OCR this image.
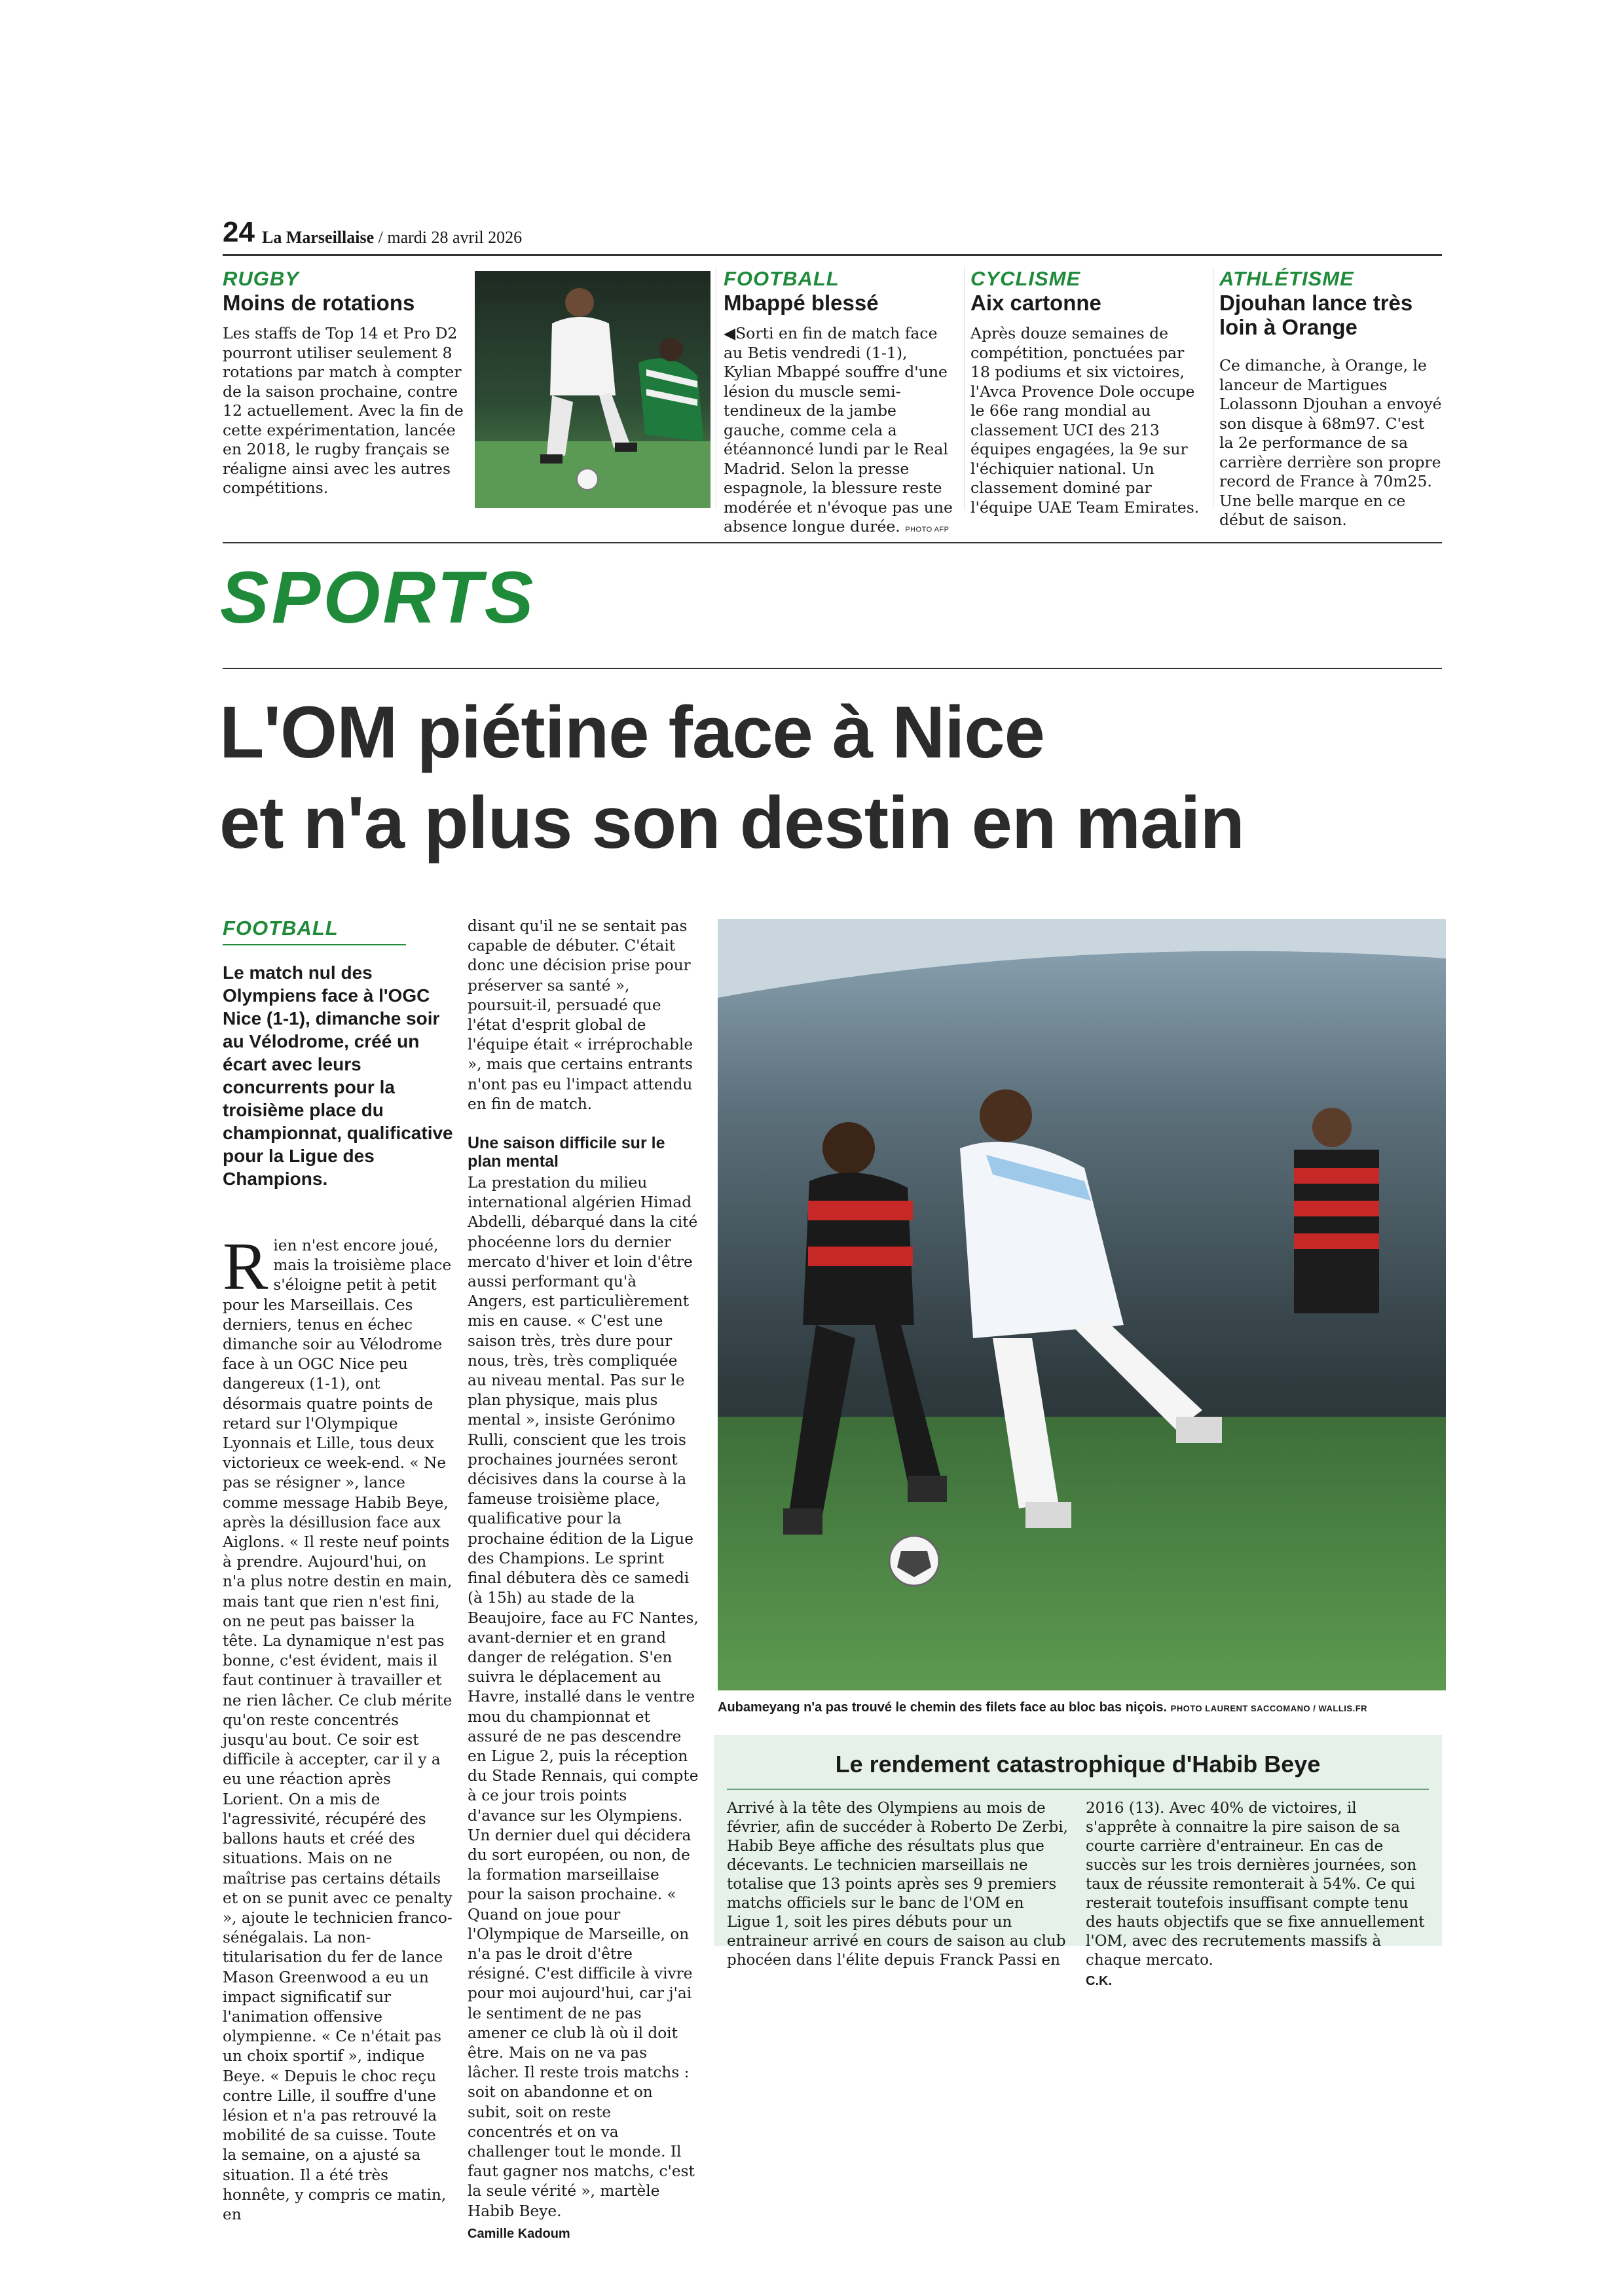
24 La Marseillaise / mardi 28 avril 2026
RUGBY
Moins de rotations

Les staffs de Top 14 et Pro D2 pourront utiliser seulement 8 rotations par match à compter de la saison prochaine, contre 12 actuellement. Avec la fin de cette expérimentation, lancée en 2018, le rugby français se réaligne ainsi avec les autres compétitions.

FOOTBALL
Mbappé blessé

◀Sorti en fin de match face au Betis vendredi (1-1), Kylian Mbappé souffre d'une lésion du muscle semi-tendineux de la jambe gauche, comme cela a étéannoncé lundi par le Real Madrid. Selon la presse espagnole, la blessure reste modérée et n'évoque pas une absence longue durée. PHOTO AFP

CYCLISME
Aix cartonne

Après douze semaines de compétition, ponctuées par 18 podiums et six victoires, l'Avca Provence Dole occupe le 66e rang mondial au classement UCI des 213 équipes engagées, la 9e sur l'échiquier national. Un classement dominé par l'équipe UAE Team Emirates.

ATHLÉTISME
Djouhan lance très loin à Orange

Ce dimanche, à Orange, le lanceur de Martigues Lolassonn Djouhan a envoyé son disque à 68m97. C'est la 2e performance de sa carrière derrière son propre record de France à 70m25. Une belle marque en ce début de saison.

SPORTS
L'OM piétine face à Nice
et n'a plus son destin en main
FOOTBALL
Le match nul des Olympiens face à l'OGC Nice (1-1), dimanche soir au Vélodrome, créé un écart avec leurs concurrents pour la troisième place du championnat, qualificative pour la Ligue des Champions.

R ien n'est encore joué, mais la troisième place s'éloigne petit à petit pour les Marseillais. Ces derniers, tenus en échec dimanche soir au Vélodrome face à un OGC Nice peu dangereux (1-1), ont désormais quatre points de retard sur l'Olympique Lyonnais et Lille, tous deux victorieux ce week-end. « Ne pas se résigner », lance comme message Habib Beye, après la désillusion face aux Aiglons. « Il reste neuf points à prendre. Aujourd'hui, on n'a plus notre destin en main, mais tant que rien n'est fini, on ne peut pas baisser la tête. La dynamique n'est pas bonne, c'est évident, mais il faut continuer à travailler et ne rien lâcher. Ce club mérite qu'on reste concentrés jusqu'au bout. Ce soir est difficile à accepter, car il y a eu une réaction après Lorient. On a mis de l'agressivité, récupéré des ballons hauts et créé des situations. Mais on ne maîtrise pas certains détails et on se punit avec ce penalty », ajoute le technicien franco-sénégalais. La non-titularisation du fer de lance Mason Greenwood a eu un impact significatif sur l'animation offensive olympienne. « Ce n'était pas un choix sportif », indique Beye. « Depuis le choc reçu contre Lille, il souffre d'une lésion et n'a pas retrouvé la mobilité de sa cuisse. Toute la semaine, on a ajusté sa situation. Il a été très honnête, y compris ce matin, en

disant qu'il ne se sentait pas capable de débuter. C'était donc une décision prise pour préserver sa santé », poursuit-il, persuadé que l'état d'esprit global de l'équipe était « irréprochable », mais que certains entrants n'ont pas eu l'impact attendu en fin de match.

Une saison difficile sur le plan mental

La prestation du milieu international algérien Himad Abdelli, débarqué dans la cité phocéenne lors du dernier mercato d'hiver et loin d'être aussi performant qu'à Angers, est particulièrement mis en cause. « C'est une saison très, très dure pour nous, très, très compliquée au niveau mental. Pas sur le plan physique, mais plus mental », insiste Gerónimo Rulli, conscient que les trois prochaines journées seront décisives dans la course à la fameuse troisième place, qualificative pour la prochaine édition de la Ligue des Champions. Le sprint final débutera dès ce samedi (à 15h) au stade de la Beaujoire, face au FC Nantes, avant-dernier et en grand danger de relégation. S'en suivra le déplacement au Havre, installé dans le ventre mou du championnat et assuré de ne pas descendre en Ligue 2, puis la réception du Stade Rennais, qui compte à ce jour trois points d'avance sur les Olympiens. Un dernier duel qui décidera du sort européen, ou non, de la formation marseillaise pour la saison prochaine. « Quand on joue pour l'Olympique de Marseille, on n'a pas le droit d'être résigné. C'est difficile à vivre pour moi aujourd'hui, car j'ai le sentiment de ne pas amener ce club là où il doit être. Mais on ne va pas lâcher. Il reste trois matchs : soit on abandonne et on subit, soit on reste concentrés et on va challenger tout le monde. Il faut gagner nos matchs, c'est la seule vérité », martèle Habib Beye.

Camille Kadoum
Aubameyang n'a pas trouvé le chemin des filets face au bloc bas niçois. PHOTO LAURENT SACCOMANO / WALLIS.FR
Le rendement catastrophique d'Habib Beye

Arrivé à la tête des Olympiens au mois de février, afin de succéder à Roberto De Zerbi, Habib Beye affiche des résultats plus que décevants. Le technicien marseillais ne totalise que 13 points après ses 9 premiers matchs officiels sur le banc de l'OM en Ligue 1, soit les pires débuts pour un entraineur arrivé en cours de saison au club phocéen dans l'élite depuis Franck Passi en

2016 (13). Avec 40% de victoires, il s'apprête à connaitre la pire saison de sa courte carrière d'entraineur. En cas de succès sur les trois dernières journées, son taux de réussite remonterait à 54%. Ce qui resterait toutefois insuffisant compte tenu des hauts objectifs que se fixe annuellement l'OM, avec des recrutements massifs à chaque mercato.

C.K.
